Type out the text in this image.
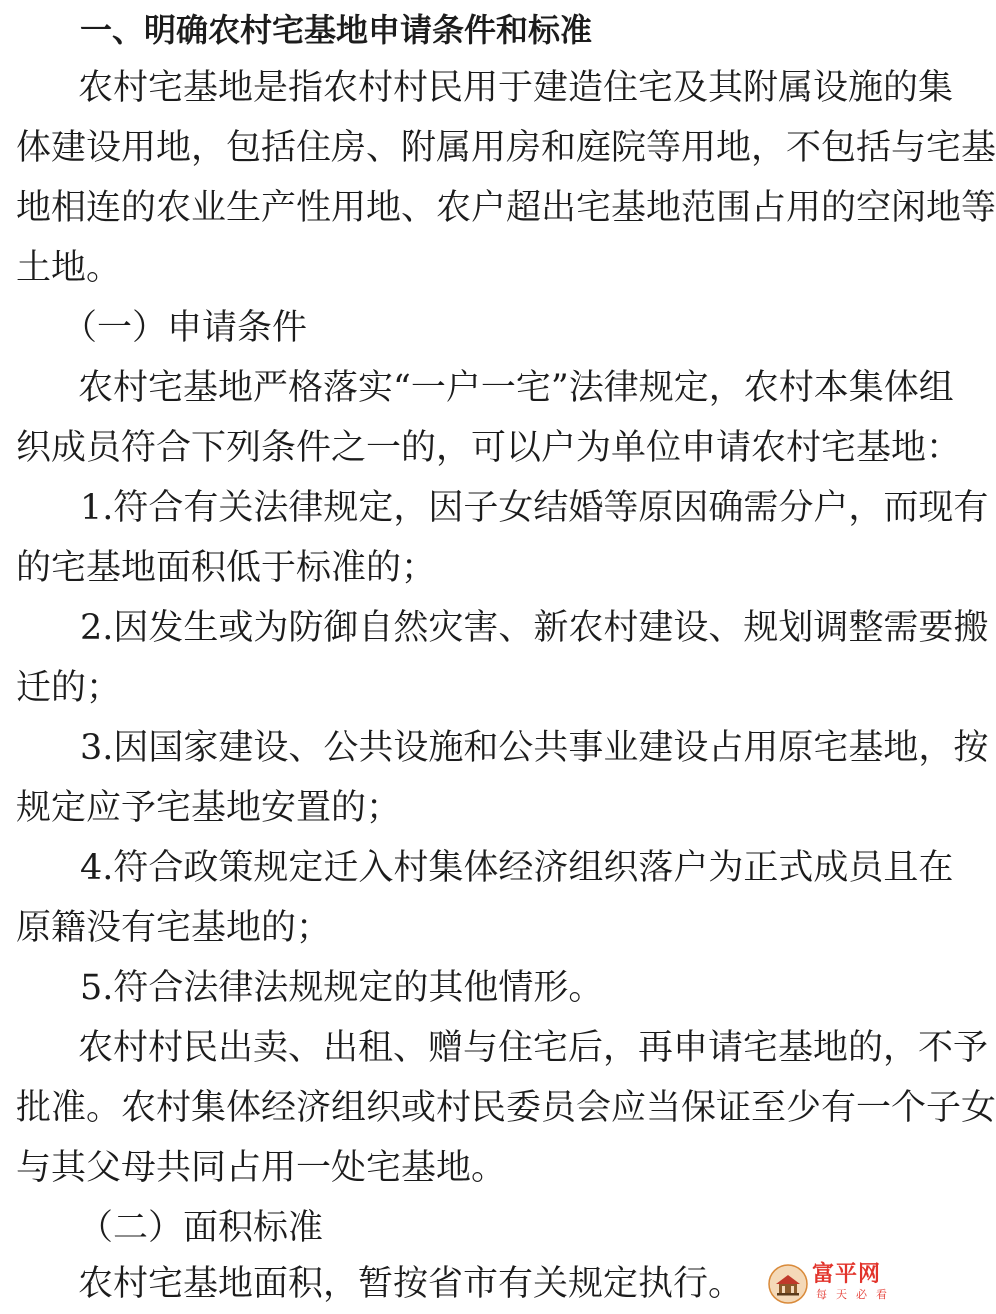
一、明确农村宅基地申请条件和标准
农村宅基地是指农村村民用于建造住宅及其附属设施的集
体建设用地，包括住房、附属用房和庭院等用地，不包括与宅基
地相连的农业生产性用地、农户超出宅基地范围占用的空闲地等
土地。
（一）申请条件
农村宅基地严格落实“一户一宅”法律规定，农村本集体组
织成员符合下列条件之一的，可以户为单位申请农村宅基地：
1.符合有关法律规定，因子女结婚等原因确需分户，而现有
的宅基地面积低于标准的；
2.因发生或为防御自然灾害、新农村建设、规划调整需要搬
迁的；
3.因国家建设、公共设施和公共事业建设占用原宅基地，按
规定应予宅基地安置的；
4.符合政策规定迁入村集体经济组织落户为正式成员且在
原籍没有宅基地的；
5.符合法律法规规定的其他情形。
农村村民出卖、出租、赠与住宅后，再申请宅基地的，不予
批准。农村集体经济组织或村民委员会应当保证至少有一个子女
与其父母共同占用一处宅基地。
（二）面积标准
农村宅基地面积，暂按省市有关规定执行。	富平网
每天必看
